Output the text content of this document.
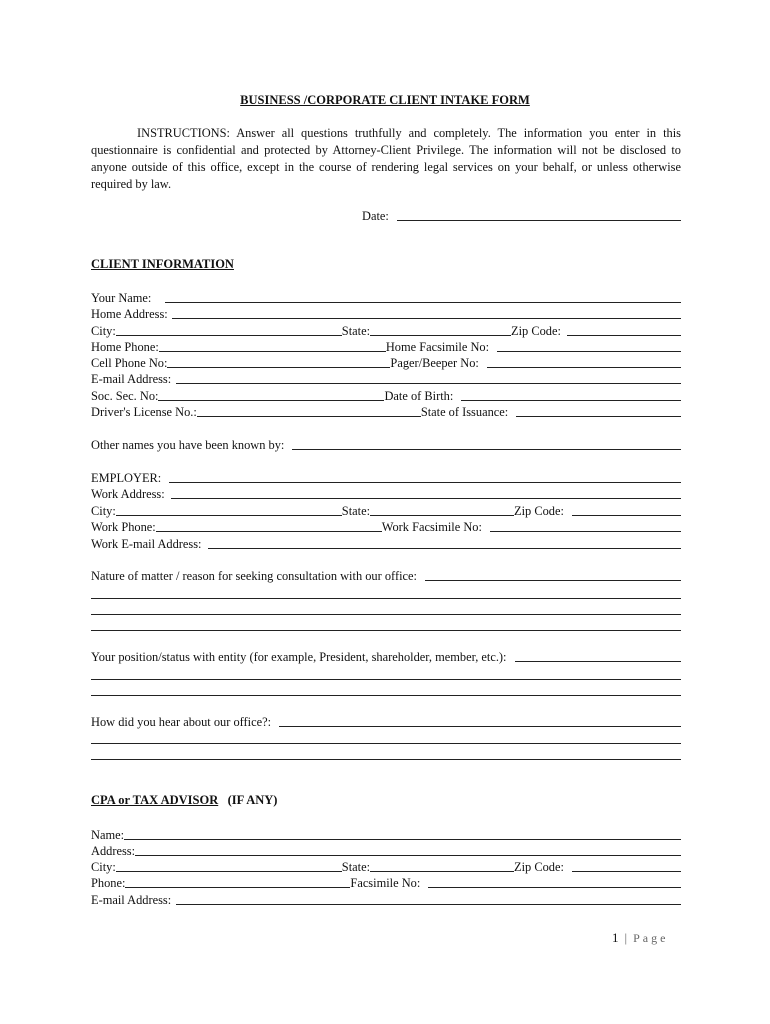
BUSINESS /CORPORATE CLIENT INTAKE FORM
INSTRUCTIONS: Answer all questions truthfully and completely. The information you enter in this questionnaire is confidential and protected by Attorney-Client Privilege. The information will not be disclosed to anyone outside of this office, except in the course of rendering legal services on your behalf, or unless otherwise required by law.
Date:
CLIENT INFORMATION
Your Name:
Home Address:
City:	State:	Zip Code:
Home Phone:	Home Facsimile No:
Cell Phone No:	Pager/Beeper No:
E-mail Address:
Soc. Sec. No:	Date of Birth:
Driver's License No.:	State of Issuance:
Other names you have been known by:
EMPLOYER:
Work Address:
City:	State:	Zip Code:
Work Phone:	Work Facsimile No:
Work E-mail Address:
Nature of matter / reason for seeking consultation with our office:
Your position/status with entity (for example, President, shareholder, member, etc.):
How did you hear about our office?:
CPA or TAX ADVISOR (IF ANY)
Name:
Address:
City:	State:	Zip Code:
Phone:	Facsimile No:
E-mail Address:
1 | Page
